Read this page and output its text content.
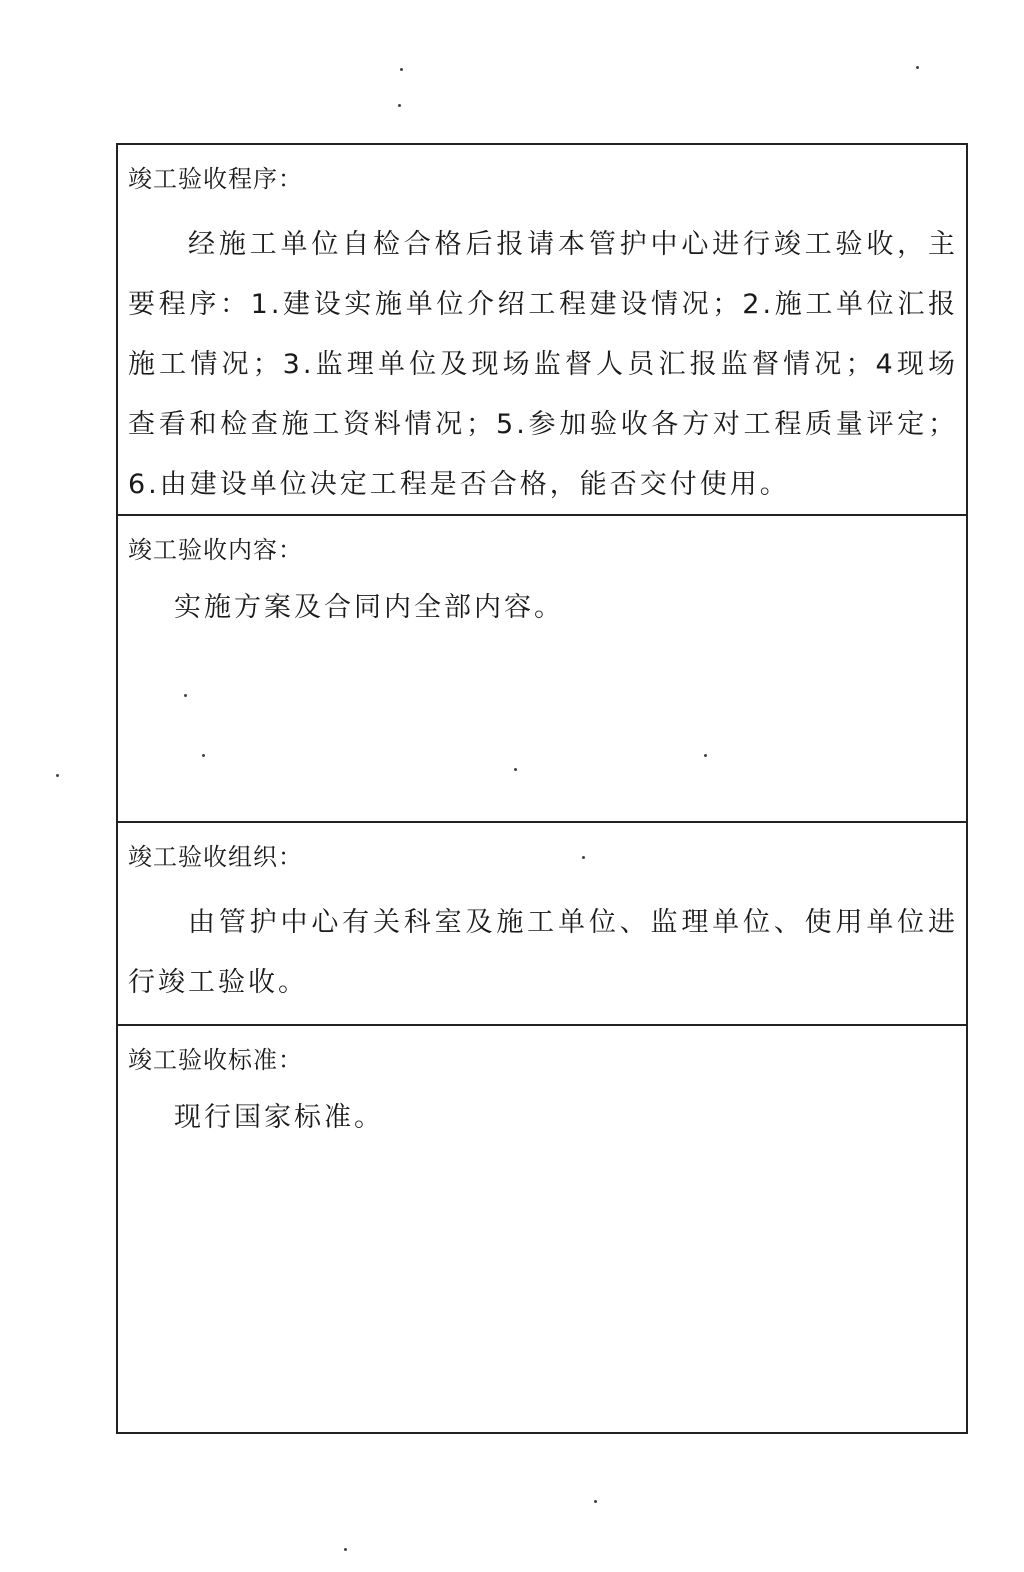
竣工验收程序：

经施工单位自检合格后报请本管护中心进行竣工验收，主要程序：1.建设实施单位介绍工程建设情况；2.施工单位汇报施工情况；3.监理单位及现场监督人员汇报监督情况；4现场查看和检查施工资料情况；5.参加验收各方对工程质量评定；6.由建设单位决定工程是否合格，能否交付使用。

竣工验收内容：

实施方案及合同内全部内容。

竣工验收组织：

由管护中心有关科室及施工单位、监理单位、使用单位进行竣工验收。

竣工验收标准：

现行国家标准。
